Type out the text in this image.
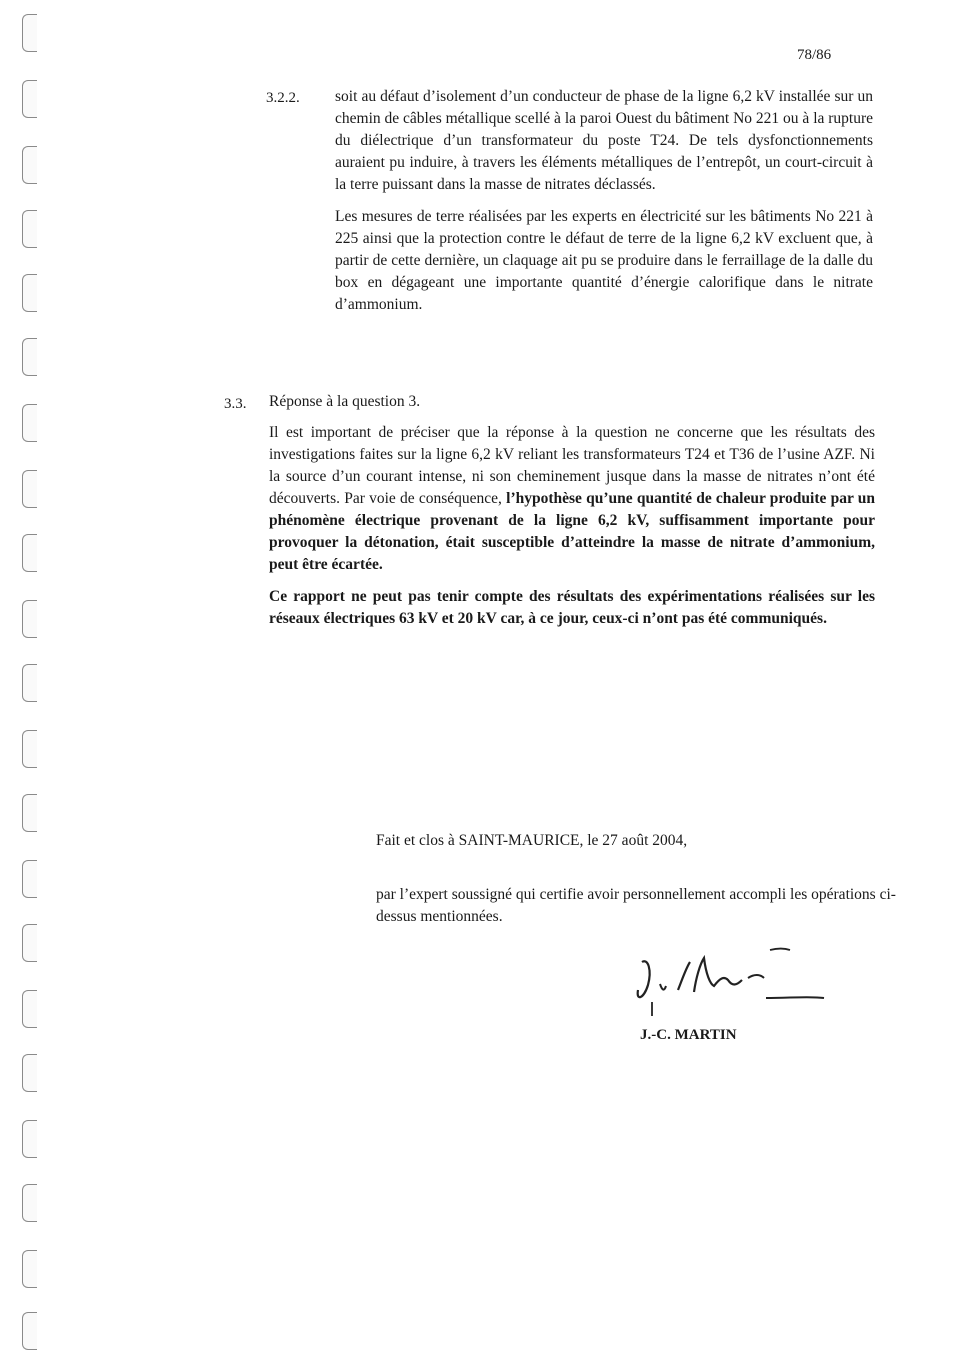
78/86
3.2.2. soit au défaut d’isolement d’un conducteur de phase de la ligne 6,2 kV installée sur un chemin de câbles métallique scellé à la paroi Ouest du bâtiment No 221 ou à la rupture du diélectrique d’un transformateur du poste T24. De tels dysfonctionnements auraient pu induire, à travers les éléments métalliques de l’entrepôt, un court-circuit à la terre puissant dans la masse de nitrates déclassés.

Les mesures de terre réalisées par les experts en électricité sur les bâtiments No 221 à 225 ainsi que la protection contre le défaut de terre de la ligne 6,2 kV excluent que, à partir de cette dernière, un claquage ait pu se produire dans le ferraillage de la dalle du box en dégageant une importante quantité d’énergie calorifique dans le nitrate d’ammonium.

3.3. Réponse à la question 3.

Il est important de préciser que la réponse à la question ne concerne que les résultats des investigations faites sur la ligne 6,2 kV reliant les transformateurs T24 et T36 de l’usine AZF. Ni la source d’un courant intense, ni son cheminement jusque dans la masse de nitrates n’ont été découverts. Par voie de conséquence, l’hypothèse qu’une quantité de chaleur produite par un phénomène électrique provenant de la ligne 6,2 kV, suffisamment importante pour provoquer la détonation, était susceptible d’atteindre la masse de nitrate d’ammonium, peut être écartée.

Ce rapport ne peut pas tenir compte des résultats des expérimentations réalisées sur les réseaux électriques 63 kV et 20 kV car, à ce jour, ceux-ci n’ont pas été communiqués.

Fait et clos à SAINT-MAURICE, le 27 août 2004,
par l’expert soussigné qui certifie avoir personnellement accompli les opérations ci-dessus mentionnées.
J.-C. MARTIN
